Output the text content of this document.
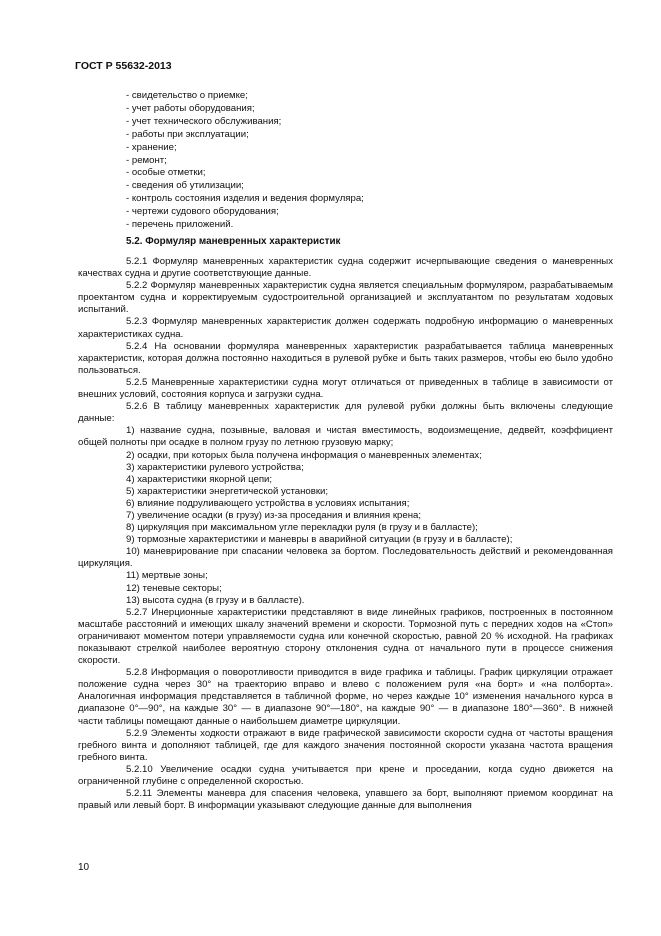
ГОСТ Р 55632-2013
- свидетельство о приемке;
- учет работы оборудования;
- учет технического обслуживания;
- работы при эксплуатации;
- хранение;
- ремонт;
- особые отметки;
- сведения об утилизации;
- контроль состояния изделия и ведения формуляра;
- чертежи судового оборудования;
- перечень приложений.
5.2. Формуляр маневренных характеристик

5.2.1 Формуляр маневренных характеристик судна содержит исчерпывающие сведения о маневренных качествах судна и другие соответствующие данные.

5.2.2 Формуляр маневренных характеристик судна является специальным формуляром, разрабатываемым проектантом судна и корректируемым судостроительной организацией и эксплуатантом по результатам ходовых испытаний.

5.2.3 Формуляр маневренных характеристик должен содержать подробную информацию о маневренных характеристиках судна.

5.2.4 На основании формуляра маневренных характеристик разрабатывается таблица маневренных характеристик, которая должна постоянно находиться в рулевой рубке и быть таких размеров, чтобы ею было удобно пользоваться.

5.2.5 Маневренные характеристики судна могут отличаться от приведенных в таблице в зависимости от внешних условий, состояния корпуса и загрузки судна.

5.2.6 В таблицу маневренных характеристик для рулевой рубки должны быть включены следующие данные:

1) название судна, позывные, валовая и чистая вместимость, водоизмещение, дедвейт, коэффициент общей полноты при осадке в полном грузу по летнюю грузовую марку;

2) осадки, при которых была получена информация о маневренных элементах;

3) характеристики рулевого устройства;

4) характеристики якорной цепи;

5) характеристики энергетической установки;

6) влияние подруливающего устройства в условиях испытания;

7) увеличение осадки (в грузу) из-за проседания и влияния крена;

8) циркуляция при максимальном угле перекладки руля (в грузу и в балласте);

9) тормозные характеристики и маневры в аварийной ситуации (в грузу и в балласте);

10) маневрирование при спасании человека за бортом. Последовательность действий и рекомендованная циркуляция.

11) мертвые зоны;

12) теневые секторы;

13) высота судна (в грузу и в балласте).

5.2.7 Инерционные характеристики представляют в виде линейных графиков, построенных в постоянном масштабе расстояний и имеющих шкалу значений времени и скорости. Тормозной путь с передних ходов на «Стоп» ограничивают моментом потери управляемости судна или конечной скоростью, равной 20 % исходной. На графиках показывают стрелкой наиболее вероятную сторону отклонения судна от начального пути в процессе снижения скорости.

5.2.8 Информация о поворотливости приводится в виде графика и таблицы. График циркуляции отражает положение судна через 30° на траекторию вправо и влево с положением руля «на борт» и «на полборта». Аналогичная информация представляется в табличной форме, но через каждые 10° изменения начального курса в диапазоне 0°—90°, на каждые 30° — в диапазоне 90°—180°, на каждые 90° — в диапазоне 180°—360°. В нижней части таблицы помещают данные о наибольшем диаметре циркуляции.

5.2.9 Элементы ходкости отражают в виде графической зависимости скорости судна от частоты вращения гребного винта и дополняют таблицей, где для каждого значения постоянной скорости указана частота вращения гребного винта.

5.2.10 Увеличение осадки судна учитывается при крене и проседании, когда судно движется на ограниченной глубине с определенной скоростью.

5.2.11 Элементы маневра для спасения человека, упавшего за борт, выполняют приемом координат на правый или левый борт. В информации указывают следующие данные для выполнения

10
